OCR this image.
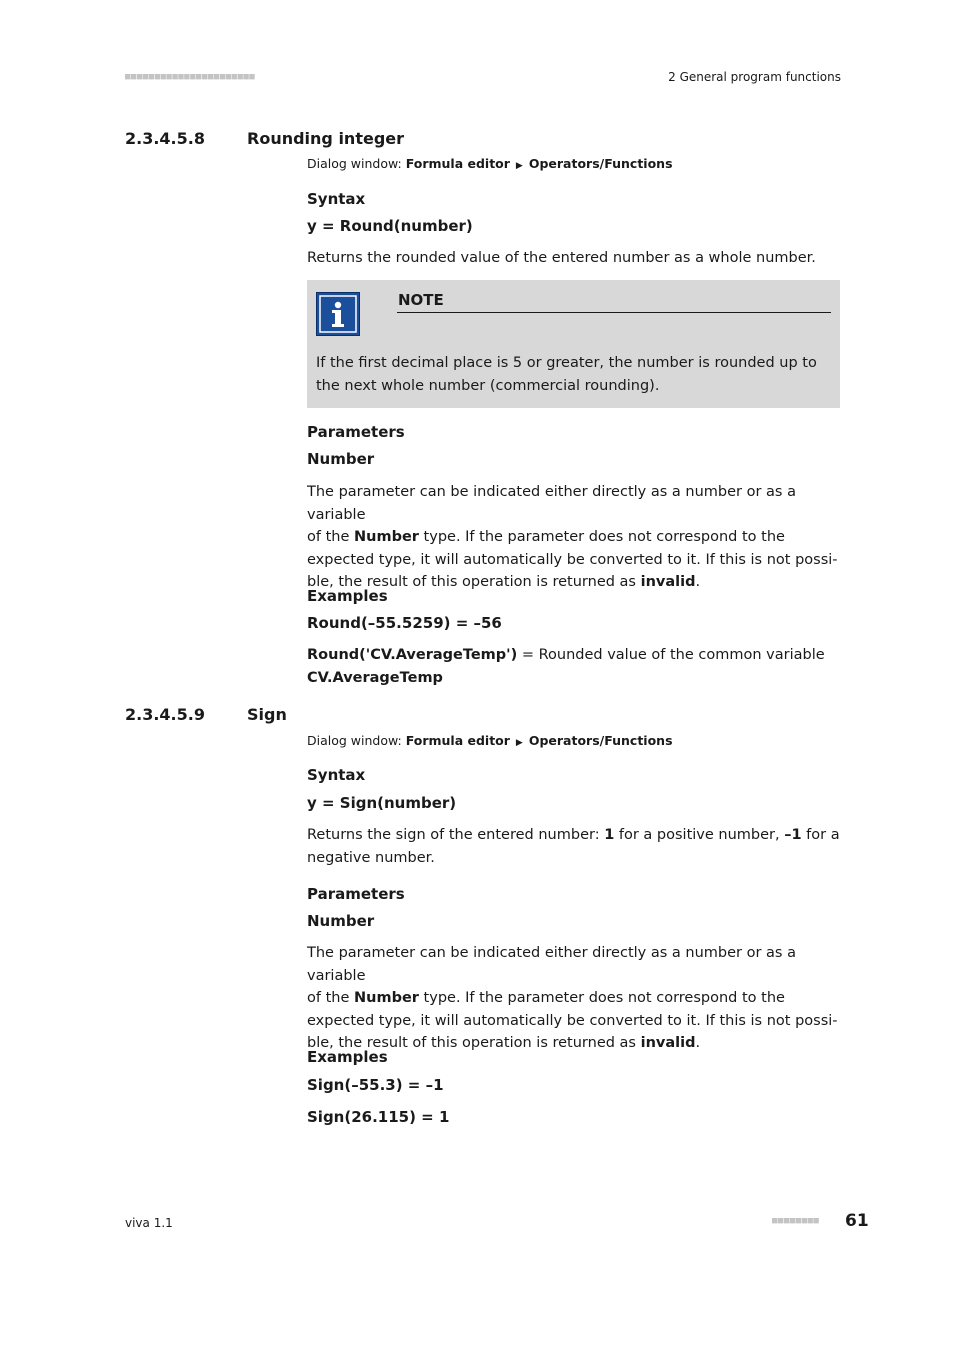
■■■■■■■■■■■■■■■■■■■■■■	2 General program functions
2.3.4.5.8	Rounding integer
Dialog window: Formula editor ▶ Operators/Functions
Syntax
y = Round(number)
Returns the rounded value of the entered number as a whole number.
NOTE
If the first decimal place is 5 or greater, the number is rounded up to
the next whole number (commercial rounding).
Parameters
Number
The parameter can be indicated either directly as a number or as a variable
of the Number type. If the parameter does not correspond to the
expected type, it will automatically be converted to it. If this is not possi-
ble, the result of this operation is returned as invalid.
Examples
Round(–55.5259) = –56
Round('CV.AverageTemp') = Rounded value of the common variable
CV.AverageTemp
2.3.4.5.9	Sign
Dialog window: Formula editor ▶ Operators/Functions
Syntax
y = Sign(number)
Returns the sign of the entered number: 1 for a positive number, –1 for a
negative number.
Parameters
Number
The parameter can be indicated either directly as a number or as a variable
of the Number type. If the parameter does not correspond to the
expected type, it will automatically be converted to it. If this is not possi-
ble, the result of this operation is returned as invalid.
Examples
Sign(–55.3) = –1
Sign(26.115) = 1
viva 1.1	■■■■■■■■ 61
